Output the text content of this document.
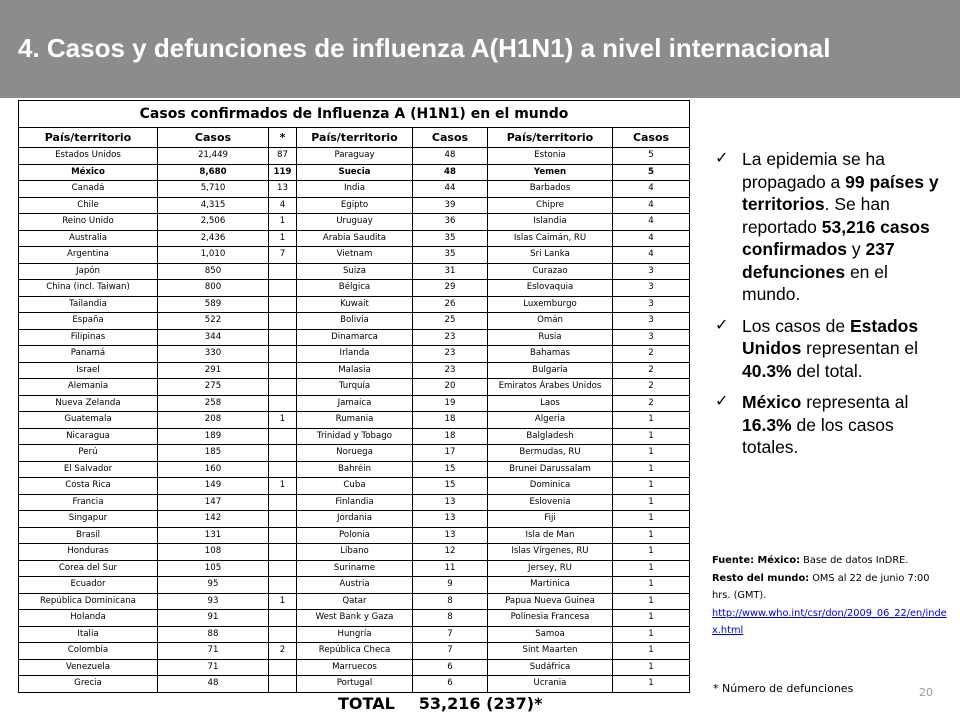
4. Casos y defunciones de influenza A(H1N1) a nivel internacional
Casos confirmados de Influenza A (H1N1) en el mundo						
País/territorio	Casos	*	País/territorio	Casos	País/territorio	Casos
Estados Unidos	21,449	87	Paraguay	48	Estonia	5
México	8,680	119	Suecia	48	Yemen	5
Canadá	5,710	13	India	44	Barbados	4
Chile	4,315	4	Egipto	39	Chipre	4
Reino Unido	2,506	1	Uruguay	36	Islandia	4
Australia	2,436	1	Arabia Saudita	35	Islas Caimán, RU	4
Argentina	1,010	7	Vietnam	35	Sri Lanka	4
Japón	850		Suiza	31	Curazao	3
China (incl. Taiwan)	800		Bélgica	29	Eslovaquia	3
Tailandia	589		Kuwait	26	Luxemburgo	3
España	522		Bolivia	25	Omán	3
Filipinas	344		Dinamarca	23	Rusia	3
Panamá	330		Irlanda	23	Bahamas	2
Israel	291		Malasia	23	Bulgaria	2
Alemania	275		Turquía	20	Emiratos Árabes Unidos	2
Nueva Zelanda	258		Jamaica	19	Laos	2
Guatemala	208	1	Rumania	18	Algeria	1
Nicaragua	189		Trinidad y Tobago	18	Balgladesh	1
Perú	185		Noruega	17	Bermudas, RU	1
El Salvador	160		Bahréin	15	Brunei Darussalam	1
Costa Rica	149	1	Cuba	15	Dominica	1
Francia	147		Finlandia	13	Eslovenia	1
Singapur	142		Jordania	13	Fiji	1
Brasil	131		Polonia	13	Isla de Man	1
Honduras	108		Líbano	12	Islas Vírgenes, RU	1
Corea del Sur	105		Suriname	11	Jersey, RU	1
Ecuador	95		Austria	9	Martinica	1
República Dominicana	93	1	Qatar	8	Papua Nueva Guinea	1
Holanda	91		West Bank y Gaza	8	Polinesia Francesa	1
Italia	88		Hungría	7	Samoa	1
Colombia	71	2	República Checa	7	Sint Maarten	1
Venezuela	71		Marruecos	6	Sudáfrica	1
Grecia	48		Portugal	6	Ucrania	1
TOTAL 53,216 (237)*
✓ La epidemia se ha propagado a 99 países y territorios. Se han reportado 53,216 casos confirmados y 237 defunciones en el mundo.
✓ Los casos de Estados Unidos representan el 40.3% del total.
✓ México representa al 16.3% de los casos totales.
Fuente: México: Base de datos InDRE.
Resto del mundo: OMS al 22 de junio 7:00 hrs. (GMT).
http://www.who.int/csr/don/2009_06_22/en/index.html
* Número de defunciones	20
